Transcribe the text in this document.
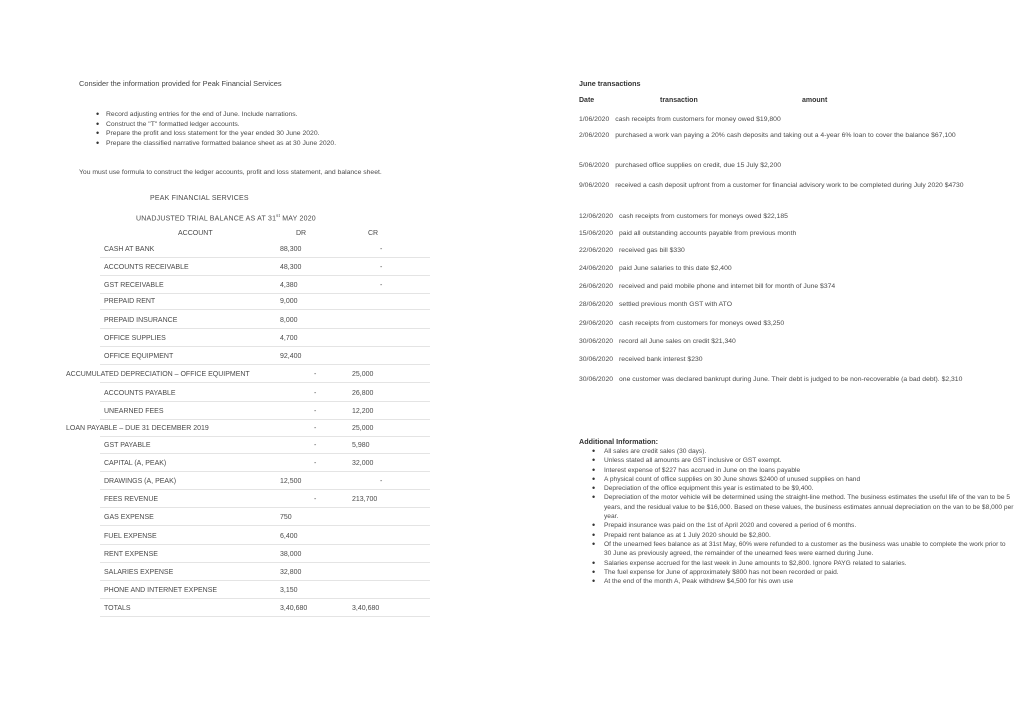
Consider the information provided for Peak Financial Services
• Record adjusting entries for the end of June. Include narrations.
• Construct the "T" formatted ledger accounts.
• Prepare the profit and loss statement for the year ended 30 June 2020.
• Prepare the classified narrative formatted balance sheet as at 30 June 2020.
You must use formula to construct the ledger accounts, profit and loss statement, and balance sheet.
PEAK FINANCIAL SERVICES
UNADJUSTED TRIAL BALANCE AS AT 31st MAY 2020
ACCOUNT	DR	CR
CASH AT BANK	88,300	-
ACCOUNTS RECEIVABLE	48,300	-
GST RECEIVABLE	4,380	-
PREPAID RENT	9,000
PREPAID INSURANCE	8,000
OFFICE SUPPLIES	4,700
OFFICE EQUIPMENT	92,400
ACCUMULATED DEPRECIATION – OFFICE EQUIPMENT	-	25,000
ACCOUNTS PAYABLE	-	26,800
UNEARNED FEES	-	12,200
LOAN PAYABLE – DUE 31 DECEMBER 2019	-	25,000
GST PAYABLE	-	5,980
CAPITAL (A, PEAK)	-	32,000
DRAWINGS (A, PEAK)	12,500	-
FEES REVENUE	-	213,700
GAS EXPENSE	750
FUEL EXPENSE	6,400
RENT EXPENSE	38,000
SALARIES EXPENSE	32,800
PHONE AND INTERNET EXPENSE	3,150
TOTALS	3,40,680	3,40,680
June transactions
Date	transaction	amount
1/06/2020 cash receipts from customers for money owed $19,800
2/06/2020 purchased a work van paying a 20% cash deposits and taking out a 4-year 6% loan to cover the balance $67,100
5/06/2020 purchased office supplies on credit, due 15 July $2,200
9/06/2020 received a cash deposit upfront from a customer for financial advisory work to be completed during July 2020 $4730
12/06/2020 cash receipts from customers for moneys owed $22,185
15/06/2020 paid all outstanding accounts payable from previous month
22/06/2020 received gas bill $330
24/06/2020 paid June salaries to this date $2,400
26/06/2020 received and paid mobile phone and internet bill for month of June $374
28/06/2020 settled previous month GST with ATO
29/06/2020 cash receipts from customers for moneys owed $3,250
30/06/2020 record all June sales on credit $21,340
30/06/2020 received bank interest $230
30/06/2020 one customer was declared bankrupt during June. Their debt is judged to be non-recoverable (a bad debt). $2,310
Additional Information:
• All sales are credit sales (30 days).
• Unless stated all amounts are GST inclusive or GST exempt.
• Interest expense of $227 has accrued in June on the loans payable
• A physical count of office supplies on 30 June shows $2400 of unused supplies on hand
• Depreciation of the office equipment this year is estimated to be $9,400.
• Depreciation of the motor vehicle will be determined using the straight-line method. The business estimates the useful life of the van to be 5 years, and the residual value to be $16,000. Based on these values, the business estimates annual depreciation on the van to be $8,000 per year.
• Prepaid insurance was paid on the 1st of April 2020 and covered a period of 6 months.
• Prepaid rent balance as at 1 July 2020 should be $2,800.
• Of the unearned fees balance as at 31st May, 60% were refunded to a customer as the business was unable to complete the work prior to 30 June as previously agreed, the remainder of the unearned fees were earned during June.
• Salaries expense accrued for the last week in June amounts to $2,800. Ignore PAYG related to salaries.
• The fuel expense for June of approximately $800 has not been recorded or paid.
• At the end of the month A, Peak withdrew $4,500 for his own use
